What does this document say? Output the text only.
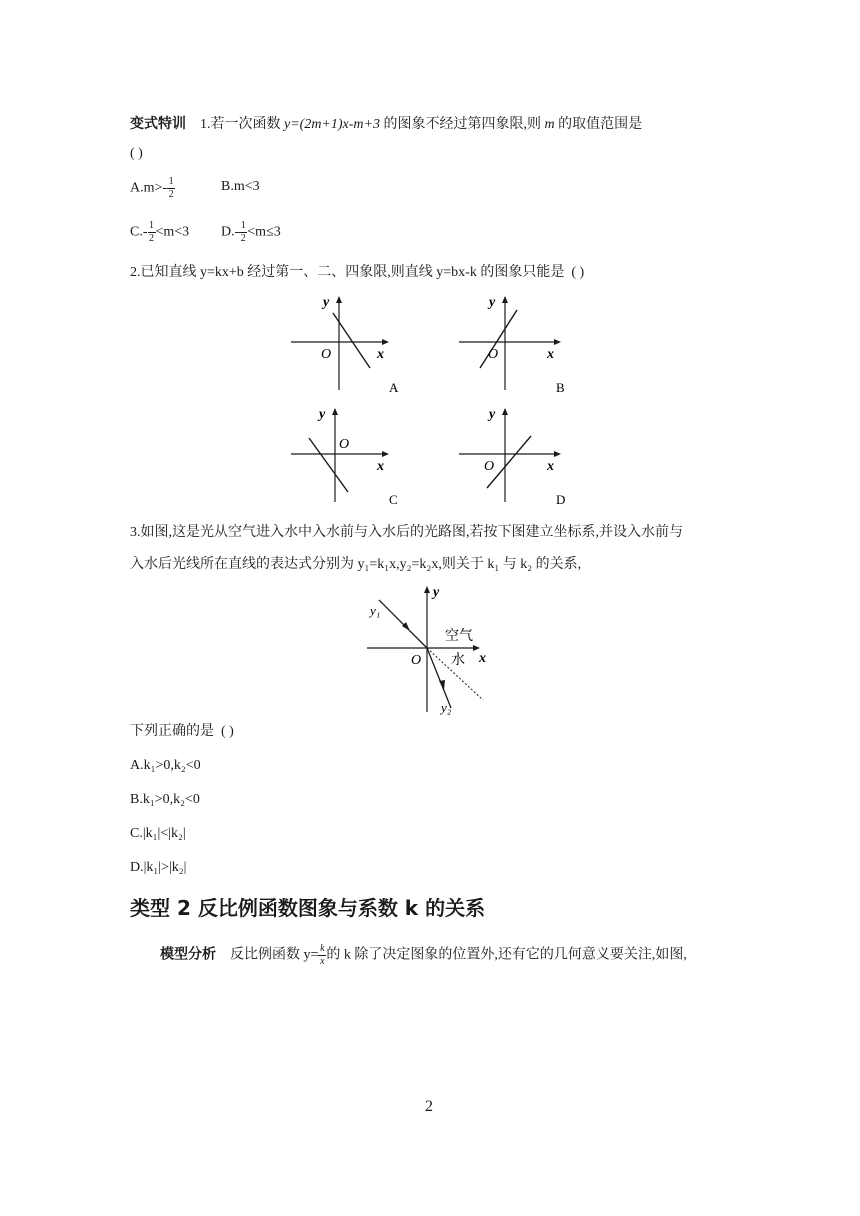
变式特训 1.若一次函数 y=(2m+1)x-m+3 的图象不经过第四象限,则 m 的取值范围是
( )
$A.m>- \frac{1}{2}$	B.m<3
$C.- \frac{1}{2} <m<3$ $D.- \frac{1}{2} <m\le 3$
2.已知直线 y=kx+b 经过第一、二、四象限,则直线 y=bx-k 的图象只能是 ( )
y
x
O
A
y
x
O
B
y
x
O
C
y
x
O
D
3.如图,这是光从空气进入水中入水前与入水后的光路图,若按下图建立坐标系,并设入水前与
入水后光线所在直线的表达式分别为 y₁=k₁x,y₂=k₂x,则关于 k₁ 与 k₂ 的关系,
y₁
y₂
y
x
O
空气
水
下列正确的是 ( )
A.k₁>0,k₂<0
B.k₁>0,k₂<0
C.|k₁|<|k₂|
D.|k₁|>|k₂|
类型 2 反比例函数图象与系数 k 的关系
模型分析 反比例函数 $y= \frac{k}{x}$ 的 k 除了决定图象的位置外,还有它的几何意义要关注,如图,
2
